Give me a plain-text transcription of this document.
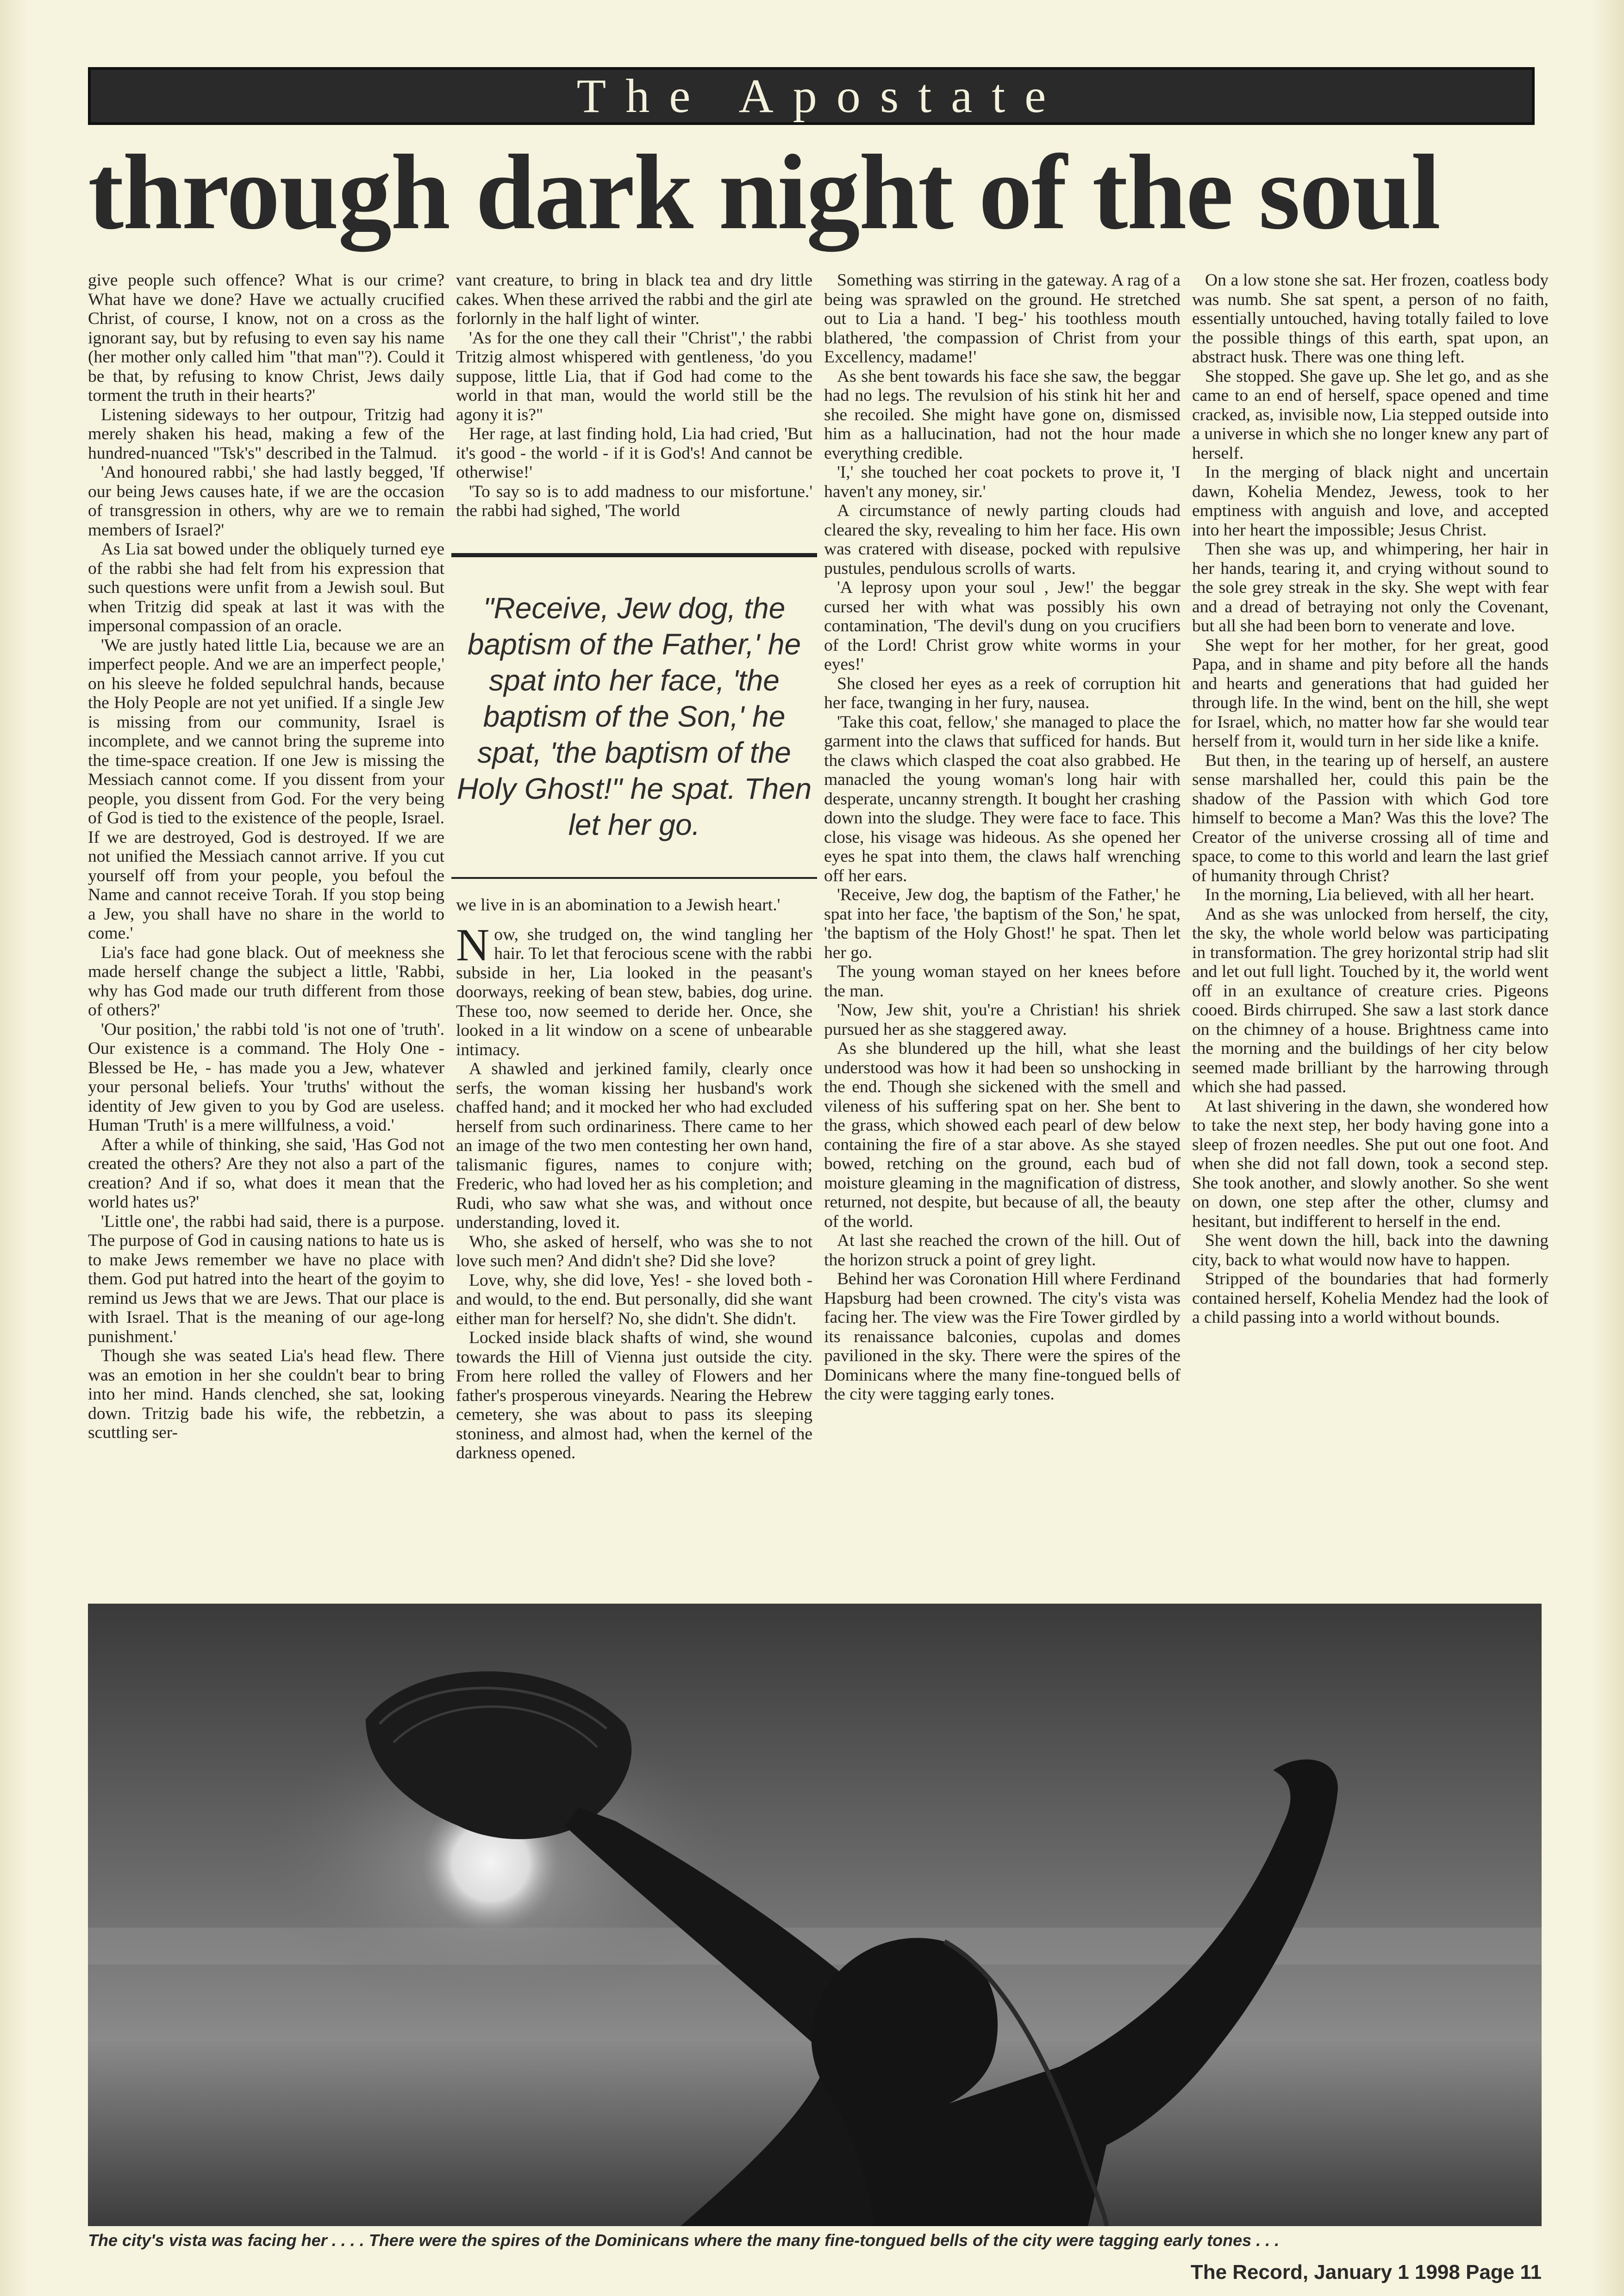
The Apostate
through dark night of the soul

give people such offence? What is our crime? What have we done? Have we actually crucified Christ, of course, I know, not on a cross as the ignorant say, but by refusing to even say his name (her mother only called him "that man"?). Could it be that, by refusing to know Christ, Jews daily torment the truth in their hearts?'

Listening sideways to her outpour, Tritzig had merely shaken his head, making a few of the hundred-nuanced "Tsk's" described in the Talmud.

'And honoured rabbi,' she had lastly begged, 'If our being Jews causes hate, if we are the occasion of transgression in others, why are we to remain members of Israel?'

As Lia sat bowed under the obliquely turned eye of the rabbi she had felt from his expression that such questions were unfit from a Jewish soul. But when Tritzig did speak at last it was with the impersonal compassion of an oracle.

'We are justly hated little Lia, because we are an imperfect people. And we are an imperfect people,' on his sleeve he folded sepulchral hands, because the Holy People are not yet unified. If a single Jew is missing from our community, Israel is incomplete, and we cannot bring the supreme into the time-space creation. If one Jew is missing the Messiach cannot come. If you dissent from your people, you dissent from God. For the very being of God is tied to the existence of the people, Israel. If we are destroyed, God is destroyed. If we are not unified the Messiach cannot arrive. If you cut yourself off from your people, you befoul the Name and cannot receive Torah. If you stop being a Jew, you shall have no share in the world to come.'

Lia's face had gone black. Out of meekness she made herself change the subject a little, 'Rabbi, why has God made our truth different from those of others?'

'Our position,' the rabbi told 'is not one of 'truth'. Our existence is a command. The Holy One - Blessed be He, - has made you a Jew, whatever your personal beliefs. Your 'truths' without the identity of Jew given to you by God are useless. Human 'Truth' is a mere willfulness, a void.'

After a while of thinking, she said, 'Has God not created the others? Are they not also a part of the creation? And if so, what does it mean that the world hates us?'

'Little one', the rabbi had said, there is a purpose. The purpose of God in causing nations to hate us is to make Jews remember we have no place with them. God put hatred into the heart of the goyim to remind us Jews that we are Jews. That our place is with Israel. That is the meaning of our age-long punishment.'

Though she was seated Lia's head flew. There was an emotion in her she couldn't bear to bring into her mind. Hands clenched, she sat, looking down. Tritzig bade his wife, the rebbetzin, a scuttling ser-

vant creature, to bring in black tea and dry little cakes. When these arrived the rabbi and the girl ate forlornly in the half light of winter.

'As for the one they call their "Christ",' the rabbi Tritzig almost whispered with gentleness, 'do you suppose, little Lia, that if God had come to the world in that man, would the world still be the agony it is?"

Her rage, at last finding hold, Lia had cried, 'But it's good - the world - if it is God's! And cannot be otherwise!'

'To say so is to add madness to our misfortune.' the rabbi had sighed, 'The world

"Receive, Jew dog, the baptism of the Father,' he spat into her face, 'the baptism of the Son,' he spat, 'the baptism of the Holy Ghost!" he spat. Then let her go.

we live in is an abomination to a Jewish heart.'

Now, she trudged on, the wind tangling her hair. To let that ferocious scene with the rabbi subside in her, Lia looked in the peasant's doorways, reeking of bean stew, babies, dog urine. These too, now seemed to deride her. Once, she looked in a lit window on a scene of unbearable intimacy.

A shawled and jerkined family, clearly once serfs, the woman kissing her husband's work chaffed hand; and it mocked her who had excluded herself from such ordinariness. There came to her an image of the two men contesting her own hand, talismanic figures, names to conjure with; Frederic, who had loved her as his completion; and Rudi, who saw what she was, and without once understanding, loved it.

Who, she asked of herself, who was she to not love such men? And didn't she? Did she love?

Love, why, she did love, Yes! - she loved both - and would, to the end. But personally, did she want either man for herself? No, she didn't. She didn't.

Locked inside black shafts of wind, she wound towards the Hill of Vienna just outside the city. From here rolled the valley of Flowers and her father's prosperous vineyards. Nearing the Hebrew cemetery, she was about to pass its sleeping stoniness, and almost had, when the kernel of the darkness opened.

Something was stirring in the gateway. A rag of a being was sprawled on the ground. He stretched out to Lia a hand. 'I beg-' his toothless mouth blathered, 'the compassion of Christ from your Excellency, madame!'

As she bent towards his face she saw, the beggar had no legs. The revulsion of his stink hit her and she recoiled. She might have gone on, dismissed him as a hallucination, had not the hour made everything credible.

'I,' she touched her coat pockets to prove it, 'I haven't any money, sir.'

A circumstance of newly parting clouds had cleared the sky, revealing to him her face. His own was cratered with disease, pocked with repulsive pustules, pendulous scrolls of warts.

'A leprosy upon your soul , Jew!' the beggar cursed her with what was possibly his own contamination, 'The devil's dung on you crucifiers of the Lord! Christ grow white worms in your eyes!'

She closed her eyes as a reek of corruption hit her face, twanging in her fury, nausea.

'Take this coat, fellow,' she managed to place the garment into the claws that sufficed for hands. But the claws which clasped the coat also grabbed. He manacled the young woman's long hair with desperate, uncanny strength. It bought her crashing down into the sludge. They were face to face. This close, his visage was hideous. As she opened her eyes he spat into them, the claws half wrenching off her ears.

'Receive, Jew dog, the baptism of the Father,' he spat into her face, 'the baptism of the Son,' he spat, 'the baptism of the Holy Ghost!' he spat. Then let her go.

The young woman stayed on her knees before the man.

'Now, Jew shit, you're a Christian! his shriek pursued her as she staggered away.

As she blundered up the hill, what she least understood was how it had been so unshocking in the end. Though she sickened with the smell and vileness of his suffering spat on her. She bent to the grass, which showed each pearl of dew below containing the fire of a star above. As she stayed bowed, retching on the ground, each bud of moisture gleaming in the magnification of distress, returned, not despite, but because of all, the beauty of the world.

At last she reached the crown of the hill. Out of the horizon struck a point of grey light.

Behind her was Coronation Hill where Ferdinand Hapsburg had been crowned. The city's vista was facing her. The view was the Fire Tower girdled by its renaissance balconies, cupolas and domes pavilioned in the sky. There were the spires of the Dominicans where the many fine-tongued bells of the city were tagging early tones.

On a low stone she sat. Her frozen, coatless body was numb. She sat spent, a person of no faith, essentially untouched, having totally failed to love the possible things of this earth, spat upon, an abstract husk. There was one thing left.

She stopped. She gave up. She let go, and as she came to an end of herself, space opened and time cracked, as, invisible now, Lia stepped outside into a universe in which she no longer knew any part of herself.

In the merging of black night and uncertain dawn, Kohelia Mendez, Jewess, took to her emptiness with anguish and love, and accepted into her heart the impossible; Jesus Christ.

Then she was up, and whimpering, her hair in her hands, tearing it, and crying without sound to the sole grey streak in the sky. She wept with fear and a dread of betraying not only the Covenant, but all she had been born to venerate and love.

She wept for her mother, for her great, good Papa, and in shame and pity before all the hands and hearts and generations that had guided her through life. In the wind, bent on the hill, she wept for Israel, which, no matter how far she would tear herself from it, would turn in her side like a knife.

But then, in the tearing up of herself, an austere sense marshalled her, could this pain be the shadow of the Passion with which God tore himself to become a Man? Was this the love? The Creator of the universe crossing all of time and space, to come to this world and learn the last grief of humanity through Christ?

In the morning, Lia believed, with all her heart.

And as she was unlocked from herself, the city, the sky, the whole world below was participating in transformation. The grey horizontal strip had slit and let out full light. Touched by it, the world went off in an exultance of creature cries. Pigeons cooed. Birds chirruped. She saw a last stork dance on the chimney of a house. Brightness came into the morning and the buildings of her city below seemed made brilliant by the harrowing through which she had passed.

At last shivering in the dawn, she wondered how to take the next step, her body having gone into a sleep of frozen needles. She put out one foot. And when she did not fall down, took a second step. She took another, and slowly another. So she went on down, one step after the other, clumsy and hesitant, but indifferent to herself in the end.

She went down the hill, back into the dawning city, back to what would now have to happen.

Stripped of the boundaries that had formerly contained herself, Kohelia Mendez had the look of a child passing into a world without bounds.

The city's vista was facing her . . . . There were the spires of the Dominicans where the many fine-tongued bells of the city were tagging early tones . . .
The Record, January 1 1998 Page 11
